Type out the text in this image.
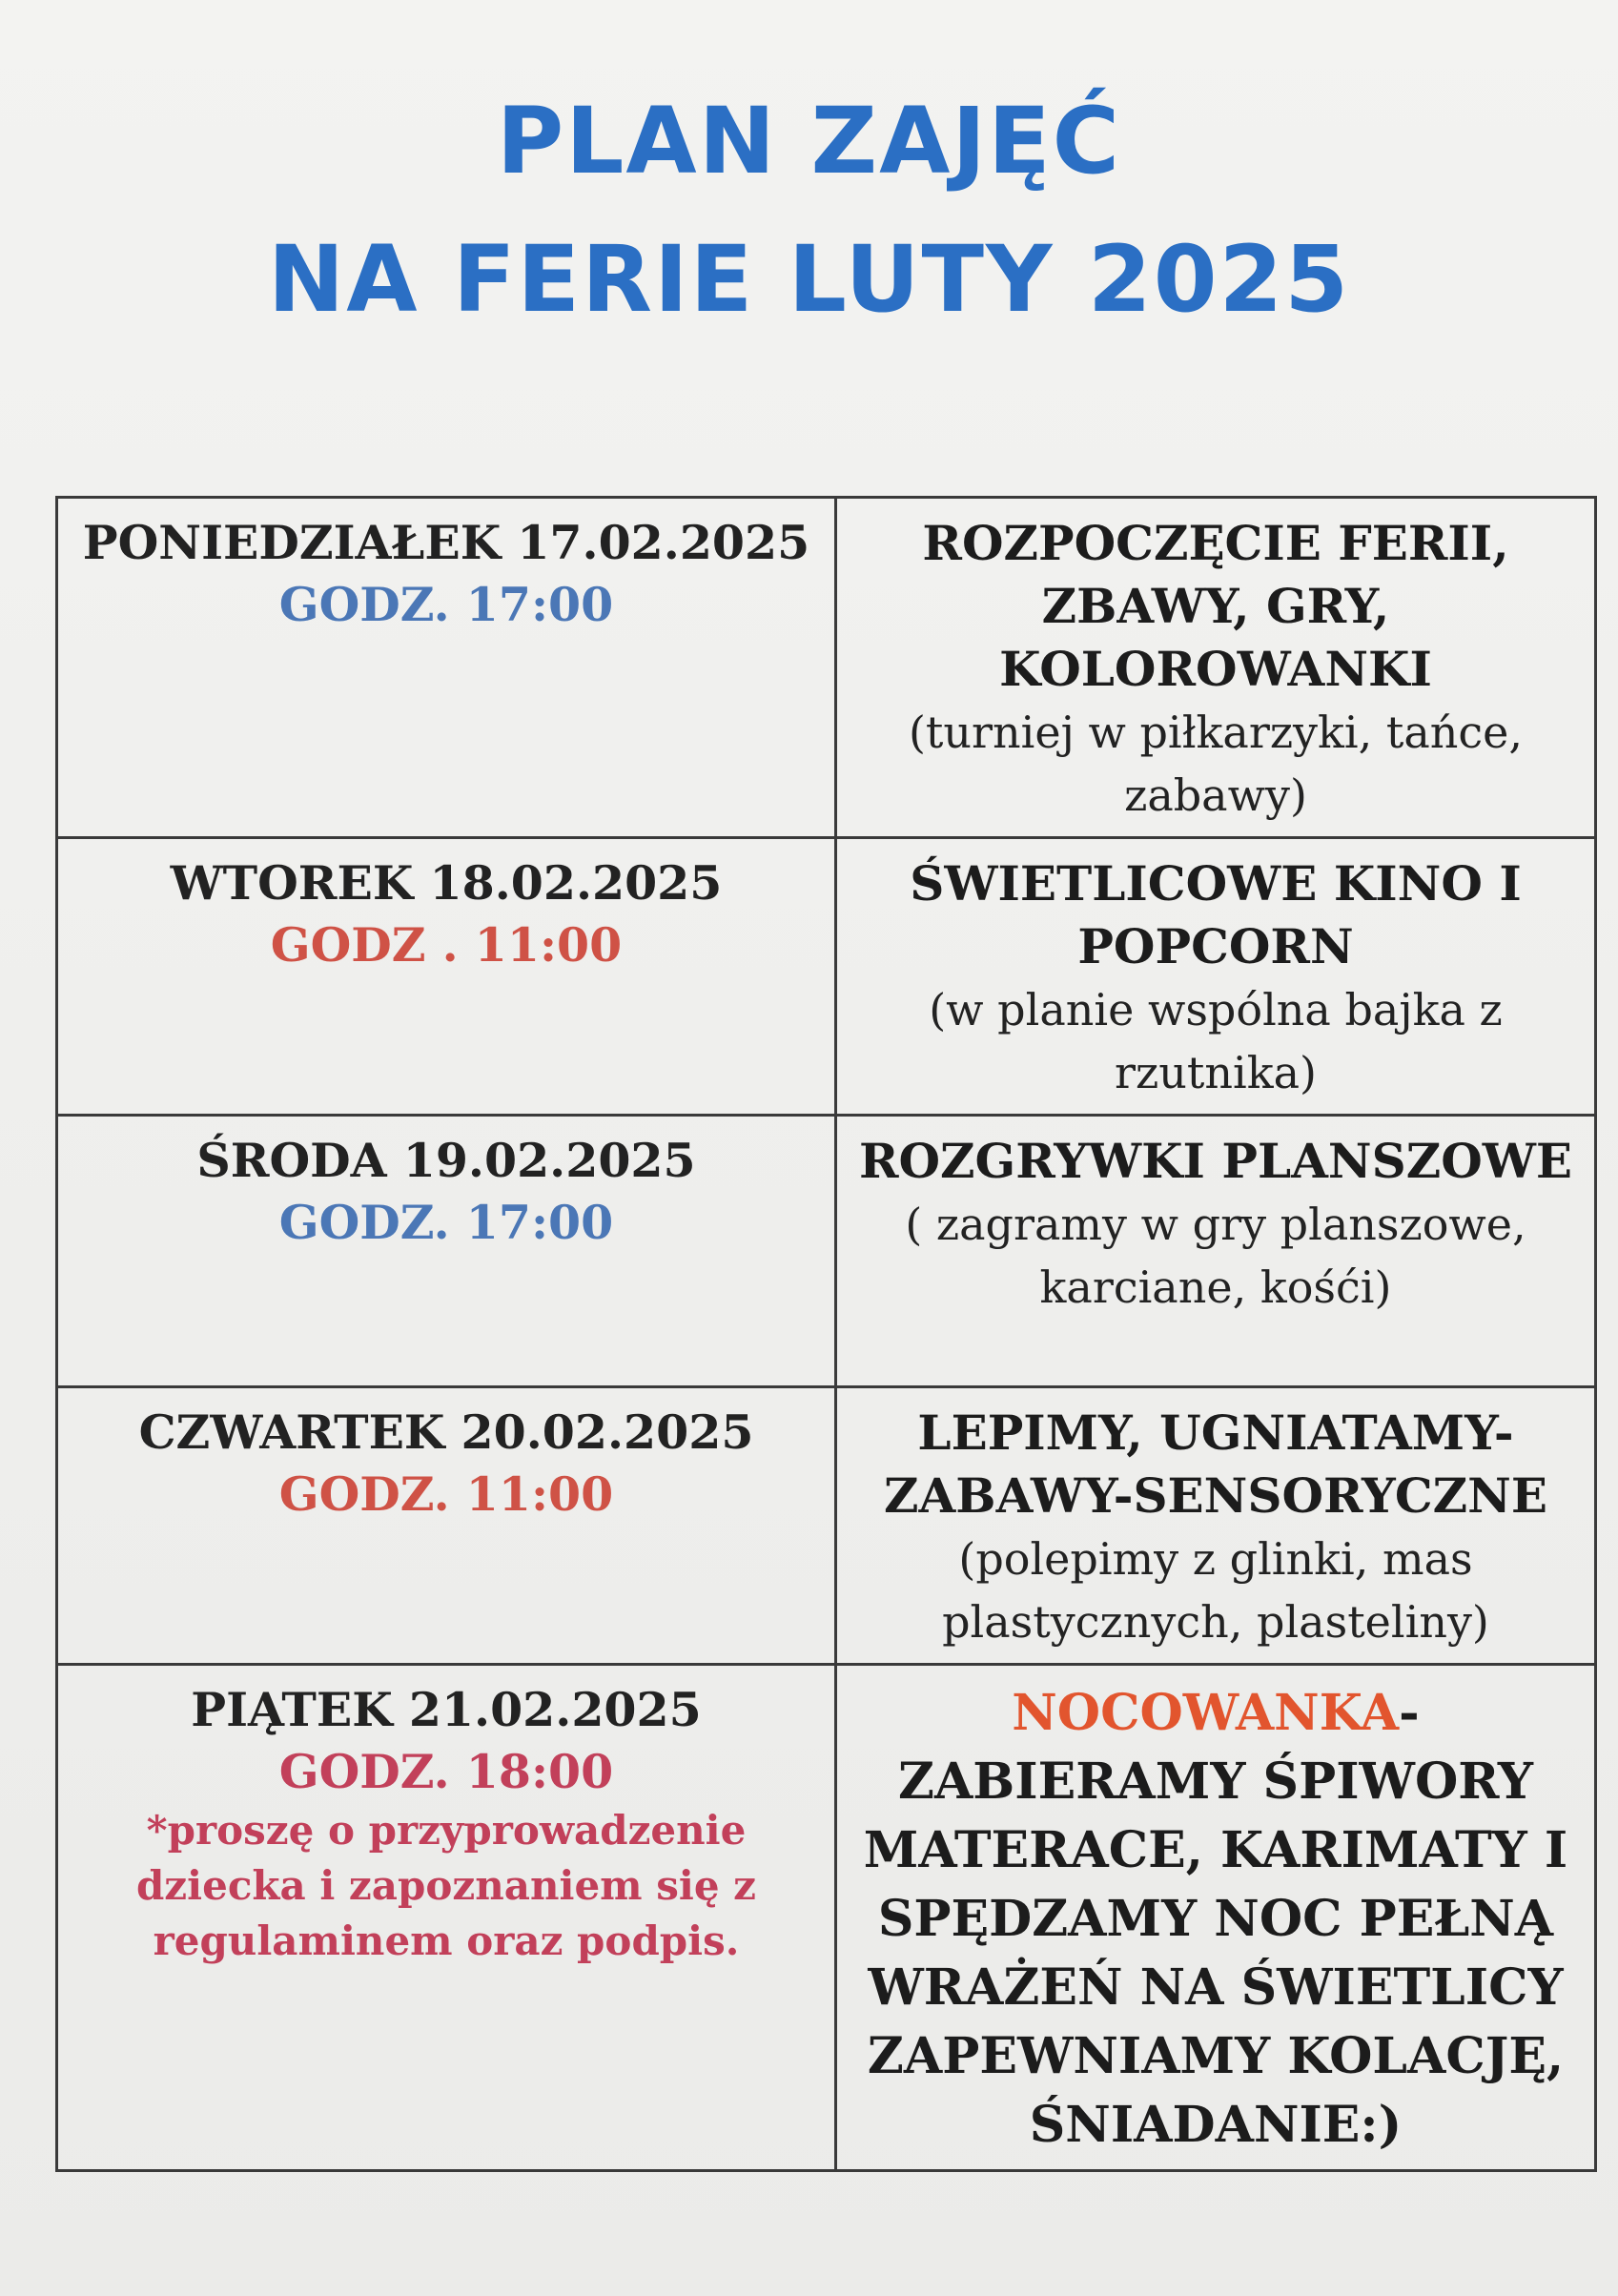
PLAN ZAJĘĆ
NA FERIE LUTY 2025
PONIEDZIAŁEK 17.02.2025
GODZ. 17:00	ROZPOCZĘCIE FERII, ZBAWY, GRY, KOLOROWANKI
(turniej w piłkarzyki, tańce, zabawy)

WTOREK 18.02.2025
GODZ . 11:00	ŚWIETLICOWE KINO I POPCORN
(w planie wspólna bajka z rzutnika)

ŚRODA 19.02.2025
GODZ. 17:00	ROZGRYWKI PLANSZOWE
( zagramy w gry planszowe, karciane, kośći)

CZWARTEK 20.02.2025
GODZ. 11:00	LEPIMY, UGNIATAMY-ZABAWY-SENSORYCZNE
(polepimy z glinki, mas plastycznych, plasteliny)

PIĄTEK 21.02.2025
GODZ. 18:00
*proszę o przyprowadzenie dziecka i zapoznaniem się z regulaminem oraz podpis.	NOCOWANKA-ZABIERAMY ŚPIWORY MATERACE, KARIMATY I SPĘDZAMY NOC PEŁNĄ WRAŻEŃ NA ŚWIETLICY ZAPEWNIAMY KOLACJĘ, ŚNIADANIE:)
